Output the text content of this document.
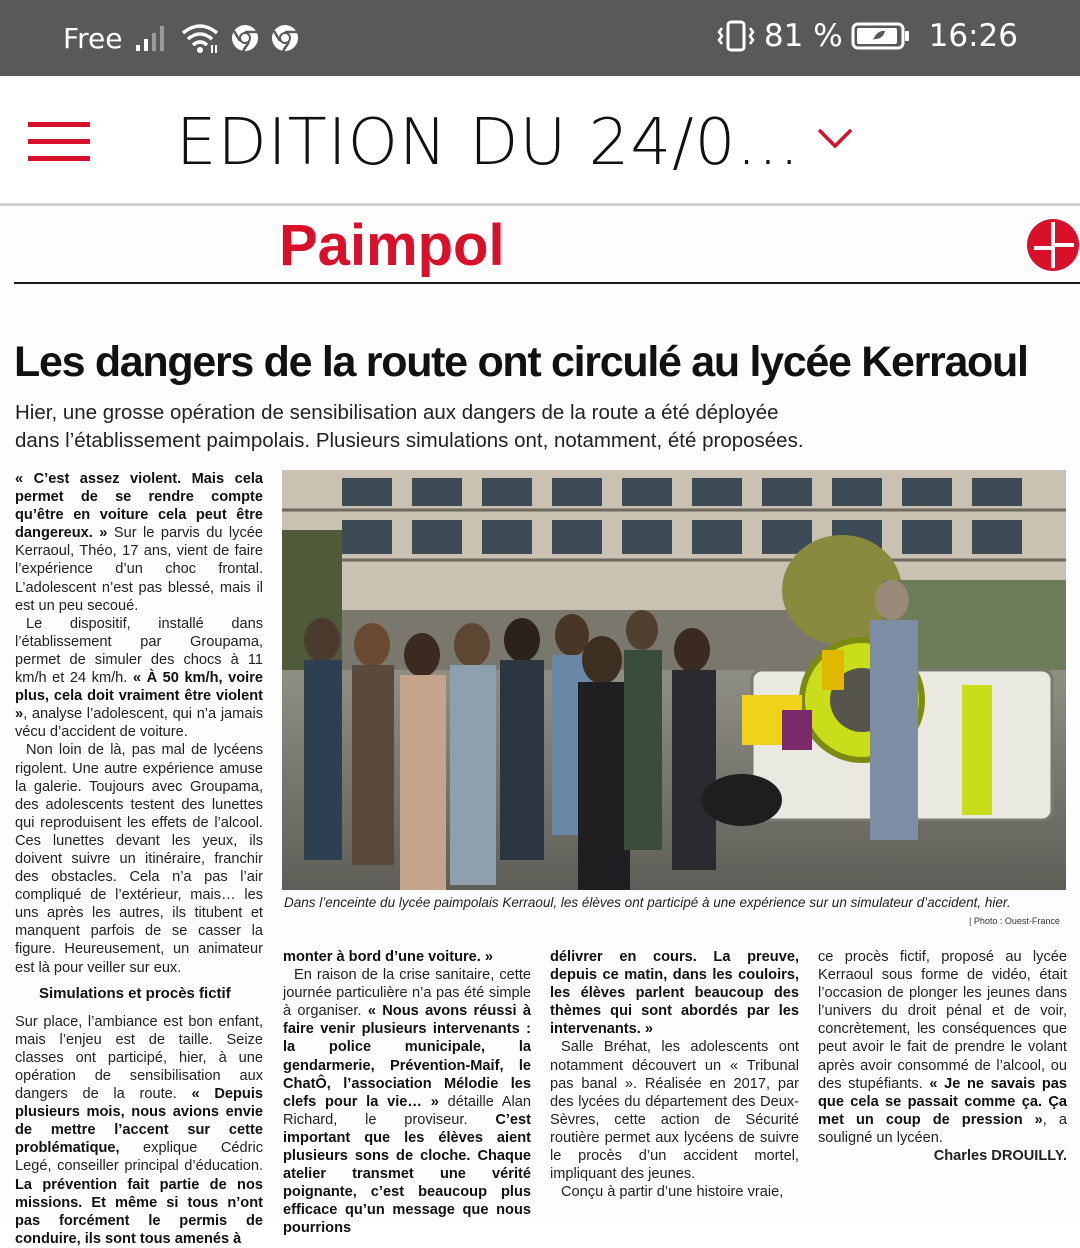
Free	81 %	16:26
EDITION DU 24/0...
Paimpol
Les dangers de la route ont circulé au lycée Kerraoul
Hier, une grosse opération de sensibilisation aux dangers de la route a été déployée
dans l’établissement paimpolais. Plusieurs simulations ont, notamment, été proposées.
Dans l’enceinte du lycée paimpolais Kerraoul, les élèves ont participé à une expérience sur un simulateur d’accident, hier.
| Photo : Ouest-France

« C’est assez violent. Mais cela permet de se rendre compte qu’être en voiture cela peut être dangereux. » Sur le parvis du lycée Kerraoul, Théo, 17 ans, vient de faire l’expérience d’un choc frontal. L’adolescent n’est pas blessé, mais il est un peu secoué.

Le dispositif, installé dans l’établissement par Groupama, permet de simuler des chocs à 11 km/h et 24 km/h. « À 50 km/h, voire plus, cela doit vraiment être violent », analyse l’adolescent, qui n’a jamais vécu d’accident de voiture.

Non loin de là, pas mal de lycéens rigolent. Une autre expérience amuse la galerie. Toujours avec Groupama, des adolescents testent des lunettes qui reproduisent les effets de l’alcool. Ces lunettes devant les yeux, ils doivent suivre un itinéraire, franchir des obstacles. Cela n’a pas l’air compliqué de l’extérieur, mais… les uns après les autres, ils titubent et manquent parfois de se casser la figure. Heureusement, un animateur est là pour veiller sur eux.

Simulations et procès fictif

Sur place, l’ambiance est bon enfant, mais l’enjeu est de taille. Seize classes ont participé, hier, à une opération de sensibilisation aux dangers de la route. « Depuis plusieurs mois, nous avions envie de mettre l’accent sur cette problématique, explique Cédric Legé, conseiller principal d’éducation. La prévention fait partie de nos missions. Et même si tous n’ont pas forcément le permis de conduire, ils sont tous amenés à

monter à bord d’une voiture. »

En raison de la crise sanitaire, cette journée particulière n’a pas été simple à organiser. « Nous avons réussi à faire venir plusieurs intervenants : la police municipale, la gendarmerie, Prévention-Maif, le ChatÔ, l’association Mélodie les clefs pour la vie… » détaille Alan Richard, le proviseur. C’est important que les élèves aient plusieurs sons de cloche. Chaque atelier transmet une vérité poignante, c’est beaucoup plus efficace qu’un message que nous pourrions

délivrer en cours. La preuve, depuis ce matin, dans les couloirs, les élèves parlent beaucoup des thèmes qui sont abordés par les intervenants. »

Salle Bréhat, les adolescents ont notamment découvert un « Tribunal pas banal ». Réalisée en 2017, par des lycées du département des Deux-Sèvres, cette action de Sécurité routière permet aux lycéens de suivre le procès d’un accident mortel, impliquant des jeunes.

Conçu à partir d’une histoire vraie,

ce procès fictif, proposé au lycée Kerraoul sous forme de vidéo, était l’occasion de plonger les jeunes dans l’univers du droit pénal et de voir, concrètement, les conséquences que peut avoir le fait de prendre le volant après avoir consommé de l’alcool, ou des stupéfiants. « Je ne savais pas que cela se passait comme ça. Ça met un coup de pression », a souligné un lycéen.

Charles DROUILLY.
